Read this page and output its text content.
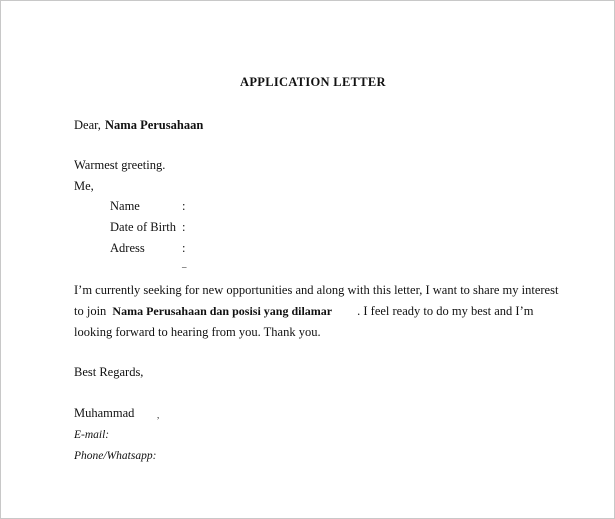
APPLICATION LETTER
Dear, Nama Perusahaan
Warmest greeting.
Me,
Name	:
Date of Birth :
Adress	:
_
I’m currently seeking for new opportunities and along with this letter, I want to share my interest
to join Nama Perusahaan dan posisi yang dilamar . I feel ready to do my best and I’m
looking forward to hearing from you. Thank you.
Best Regards,
Muhammad	,
E-mail:
Phone/Whatsapp:
